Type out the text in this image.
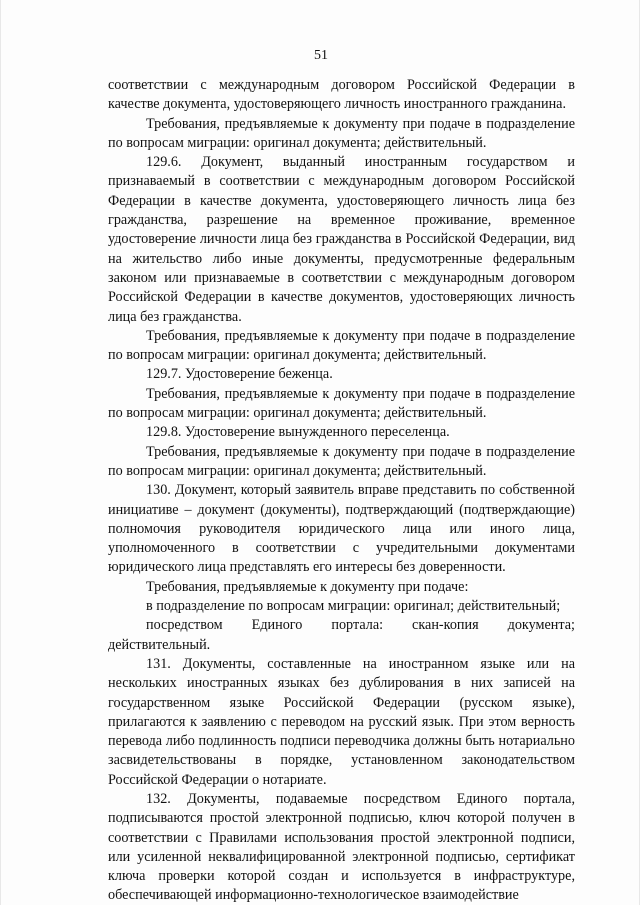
51

соответствии с международным договором Российской Федерации в качестве документа, удостоверяющего личность иностранного гражданина.

Требования, предъявляемые к документу при подаче в подразделение по вопросам миграции: оригинал документа; действительный.

129.6. Документ, выданный иностранным государством и признаваемый в соответствии с международным договором Российской Федерации в качестве документа, удостоверяющего личность лица без гражданства, разрешение на временное проживание, временное удостоверение личности лица без гражданства в Российской Федерации, вид на жительство либо иные документы, предусмотренные федеральным законом или признаваемые в соответствии с международным договором Российской Федерации в качестве документов, удостоверяющих личность лица без гражданства.

Требования, предъявляемые к документу при подаче в подразделение по вопросам миграции: оригинал документа; действительный.

129.7. Удостоверение беженца.

Требования, предъявляемые к документу при подаче в подразделение по вопросам миграции: оригинал документа; действительный.

129.8. Удостоверение вынужденного переселенца.

Требования, предъявляемые к документу при подаче в подразделение по вопросам миграции: оригинал документа; действительный.

130. Документ, который заявитель вправе представить по собственной инициативе – документ (документы), подтверждающий (подтверждающие) полномочия руководителя юридического лица или иного лица, уполномоченного в соответствии с учредительными документами юридического лица представлять его интересы без доверенности.

Требования, предъявляемые к документу при подаче:

в подразделение по вопросам миграции: оригинал; действительный;

посредством Единого портала: скан-копия документа; действительный.

131. Документы, составленные на иностранном языке или на нескольких иностранных языках без дублирования в них записей на государственном языке Российской Федерации (русском языке), прилагаются к заявлению с переводом на русский язык. При этом верность перевода либо подлинность подписи переводчика должны быть нотариально засвидетельствованы в порядке, установленном законодательством Российской Федерации о нотариате.

132. Документы, подаваемые посредством Единого портала, подписываются простой электронной подписью, ключ которой получен в соответствии с Правилами использования простой электронной подписи, или усиленной неквалифицированной электронной подписью, сертификат ключа проверки которой создан и используется в инфраструктуре, обеспечивающей информационно-технологическое взаимодействие
